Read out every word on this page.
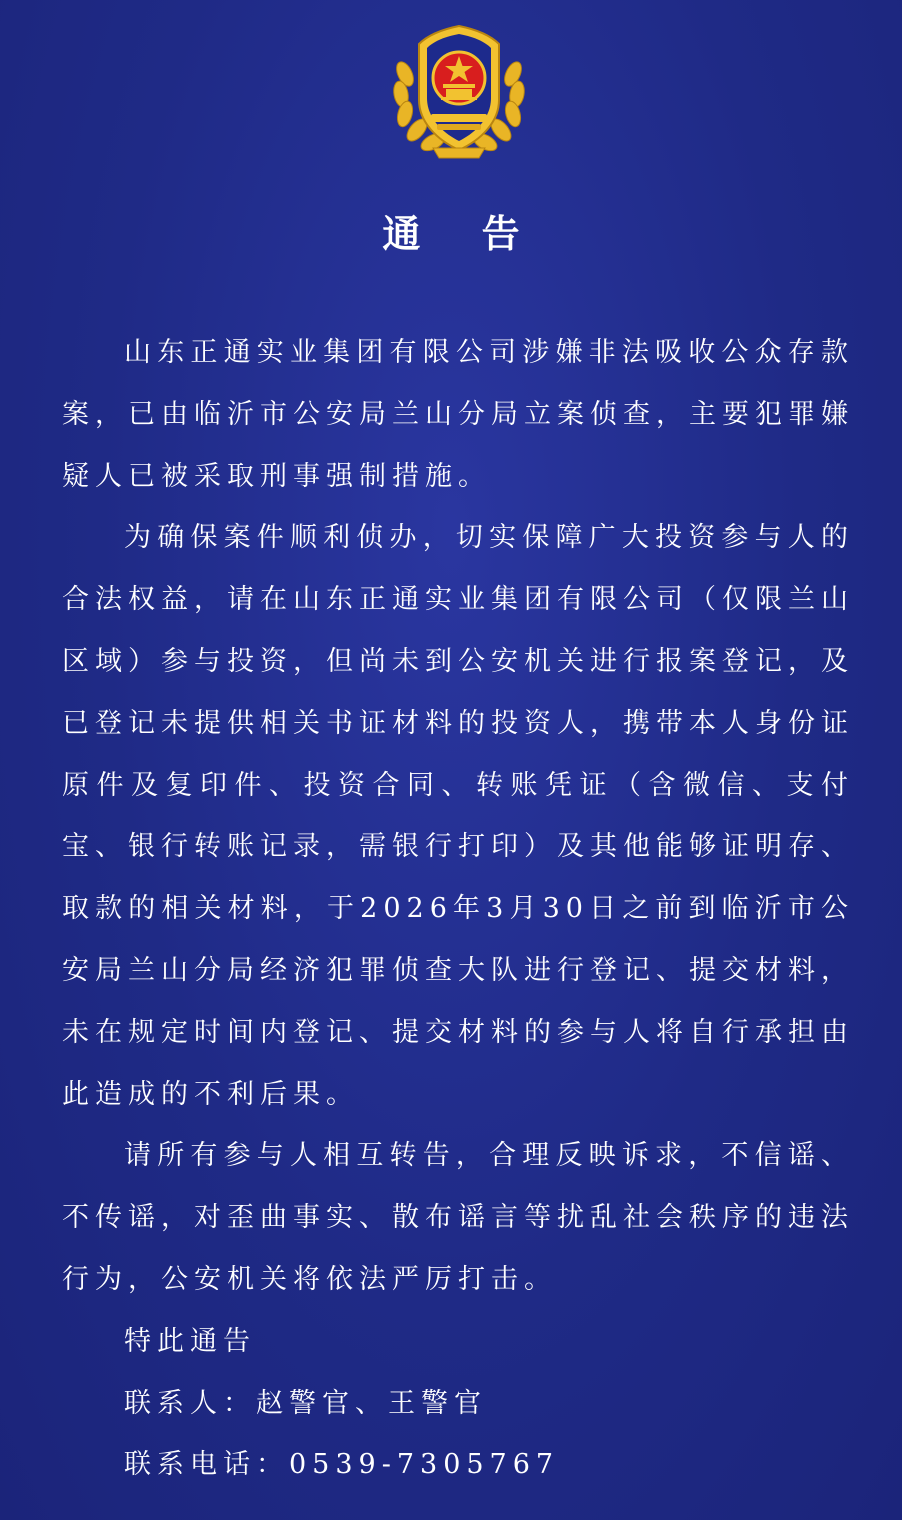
通 告

山东正通实业集团有限公司涉嫌非法吸收公众存款案，已由临沂市公安局兰山分局立案侦查，主要犯罪嫌疑人已被采取刑事强制措施。

为确保案件顺利侦办，切实保障广大投资参与人的合法权益，请在山东正通实业集团有限公司（仅限兰山区域）参与投资，但尚未到公安机关进行报案登记，及已登记未提供相关书证材料的投资人，携带本人身份证原件及复印件、投资合同、转账凭证（含微信、支付宝、银行转账记录，需银行打印）及其他能够证明存、取款的相关材料，于2026年3月30日之前到临沂市公安局兰山分局经济犯罪侦查大队进行登记、提交材料，未在规定时间内登记、提交材料的参与人将自行承担由此造成的不利后果。

请所有参与人相互转告，合理反映诉求，不信谣、不传谣，对歪曲事实、散布谣言等扰乱社会秩序的违法行为，公安机关将依法严厉打击。

特此通告

联系人：赵警官、王警官

联系电话：0539-7305767
